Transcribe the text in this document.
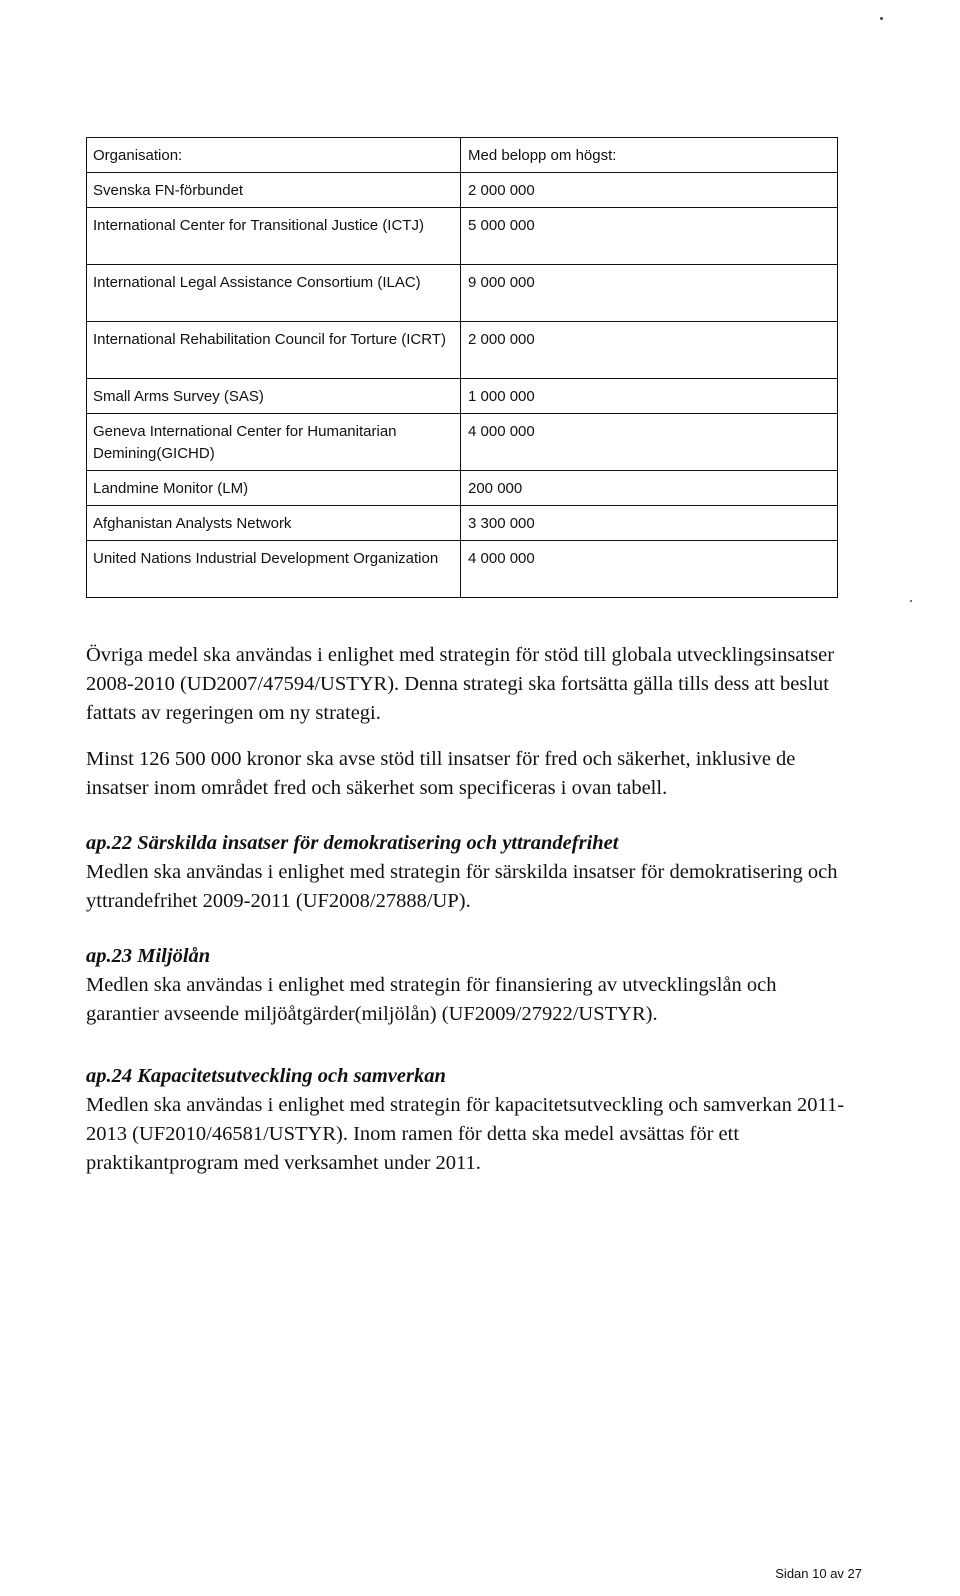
Organisation:	Med belopp om högst:
Svenska FN-förbundet	2 000 000
International Center for Transitional Justice (ICTJ)	5 000 000
International Legal Assistance Consortium (ILAC)	9 000 000
International Rehabilitation Council for Torture (ICRT)	2 000 000
Small Arms Survey (SAS)	1 000 000
Geneva International Center for Humanitarian Demining(GICHD)	4 000 000
Landmine Monitor (LM)	200 000
Afghanistan Analysts Network	3 300 000
United Nations Industrial Development Organization	4 000 000

Övriga medel ska användas i enlighet med strategin för stöd till globala utvecklingsinsatser 2008-2010 (UD2007/47594/USTYR). Denna strategi ska fortsätta gälla tills dess att beslut fattats av regeringen om ny strategi.

Minst 126 500 000 kronor ska avse stöd till insatser för fred och säkerhet, inklusive de insatser inom området fred och säkerhet som specificeras i ovan tabell.

ap.22 Särskilda insatser för demokratisering och yttrandefrihet

Medlen ska användas i enlighet med strategin för särskilda insatser för demokratisering och yttrandefrihet 2009-2011 (UF2008/27888/UP).

ap.23 Miljölån

Medlen ska användas i enlighet med strategin för finansiering av utvecklingslån och garantier avseende miljöåtgärder(miljölån) (UF2009/27922/USTYR).

ap.24 Kapacitetsutveckling och samverkan

Medlen ska användas i enlighet med strategin för kapacitetsutveckling och samverkan 2011-2013 (UF2010/46581/USTYR). Inom ramen för detta ska medel avsättas för ett praktikantprogram med verksamhet under 2011.

Sidan 10 av 27
